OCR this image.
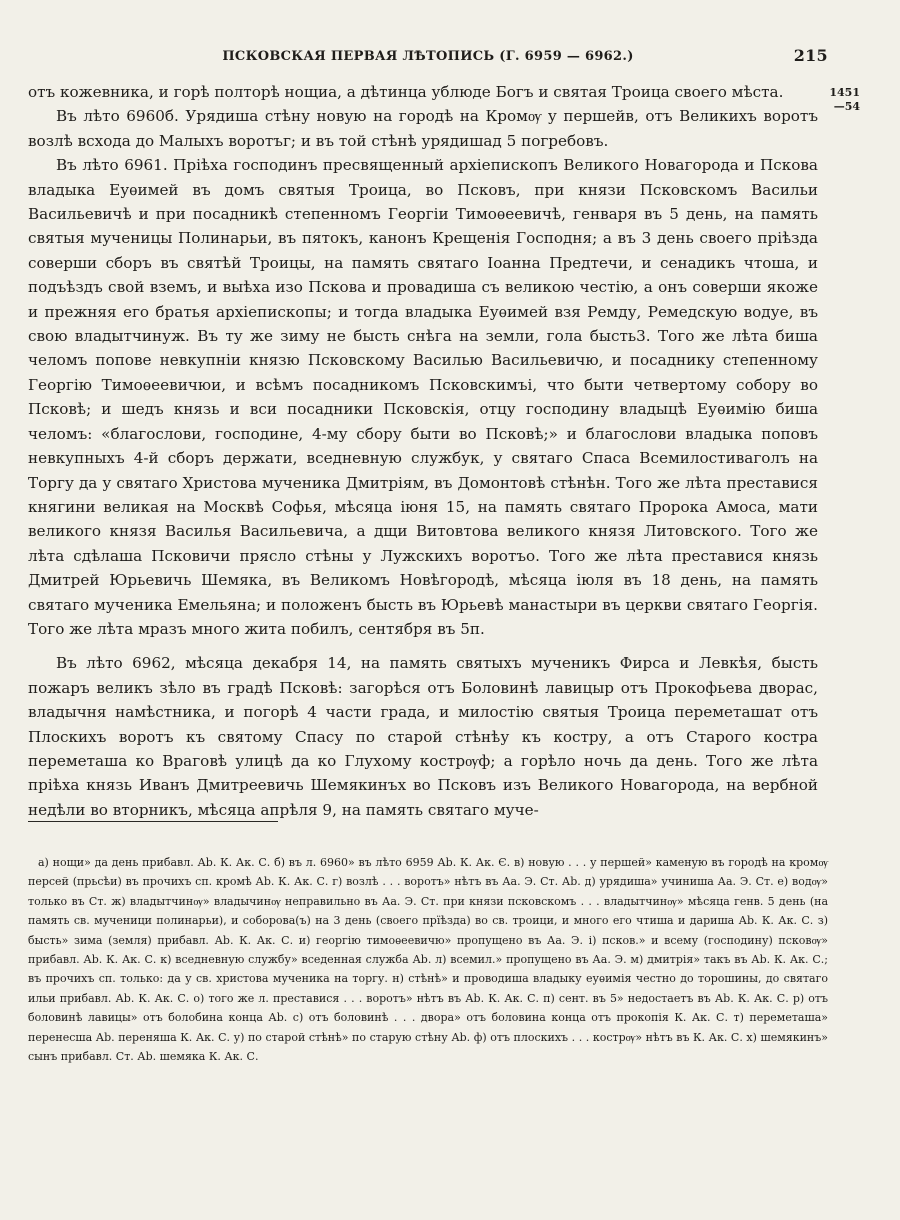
ПСКОВСКАЯ ПЕРВАЯ ЛѢТОПИСЬ (Г. 6959 — 6962.)	215
1451
—54

отъ кожевника, и горѣ полторѣ нощиа, а дѣтинца ублюде Богъ и святая Троица своего мѣста.

Въ лѣто 6960б. Урядиша стѣну новую на городѣ на Кромѹ у першейв, отъ Великихъ воротъ возлѣ всхода до Малыхъ воротъг; и въ той стѣнѣ урядишад 5 погребовъ.

Въ лѣто 6961. Пріѣха господинъ пресвященный архіепископъ Великого Новагорода и Пскова владыка Еуѳимей въ домъ святыя Троица, во Псковъ, при князи Псковскомъ Васильи Васильевичѣ и при посадникѣ степенномъ Георгіи Тимоѳеевичѣ, генваря въ 5 день, на память святыя мученицы Полинарьи, въ пятокъ, канонъ Крещенія Господня; а въ 3 день своего пріѣзда соверши сборъ въ святѣй Троицы, на память святаго Іоанна Предтечи, и сенадикъ чтоша, и подъѣздъ свой вземъ, и выѣха изо Пскова и провадиша съ великою честію, а онъ соверши якоже и прежняя его братья архіепископы; и тогда владыка Еуѳимей взя Ремду, Ремедскую водуе, въ свою владытчинуж. Въ ту же зиму не бысть снѣга на земли, гола бысть3. Того же лѣта биша челомъ попове невкупніи князю Псковскому Василью Васильевичю, и посаднику степенному Георгію Тимоѳеевичюи, и всѣмъ посадникомъ Псковскимъі, что быти четвертому собору во Псковѣ; и шедъ князь и вси посадники Псковскія, отцу господину владыцѣ Еуѳимію биша челомъ: «благослови, господине, 4-му сбору быти во Псковѣ;» и благослови владыка поповъ невкупныхъ 4-й сборъ держати, вседневную службук, у святаго Спаса Всемилостиваголъ на Торгу да у святаго Христова мученика Дмитріям, въ Домонтовѣ стѣнѣн. Того же лѣта преставися княгини великая на Москвѣ Софья, мѣсяца іюня 15, на память святаго Пророка Амоса, мати великого князя Василья Васильевича, а дщи Витовтова великого князя Литовского. Того же лѣта сдѣлаша Псковичи прясло стѣны у Лужскихъ воротъо. Того же лѣта преставися князь Дмитрей Юрьевичь Шемяка, въ Великомъ Новѣгородѣ, мѣсяца іюля въ 18 день, на память святаго мученика Емельяна; и положенъ бысть въ Юрьевѣ манастыри въ церкви святаго Георгія. Того же лѣта мразъ много жита побилъ, сентября въ 5п.

Въ лѣто 6962, мѣсяца декабря 14, на память святыхъ мученикъ Фирса и Левкѣя, бысть пожаръ великъ зѣло въ градѣ Псковѣ: загорѣся отъ Боловинѣ лавицыр отъ Прокофьева дворас, владычня намѣстника, и погорѣ 4 части града, и милостію святыя Троица переметашат отъ Плоскихъ воротъ къ святому Спасу по старой стѣнѣу къ костру, а отъ Старого костра переметаша ко Враговѣ улицѣ да ко Глухому кострѹф; а горѣло ночь да день. Того же лѣта пріѣха князь Иванъ Дмитреевичь Шемякинъх во Псковъ изъ Великого Новагорода, на вербной недѣли во вторникъ, мѣсяца апрѣля 9, на память святаго муче-

а) нощи» да день прибавл. Аb. К. Ак. С. б) въ л. 6960» въ лѣто 6959 Аb. К. Ак. Є. в) новую . . . у першей» каменую въ городѣ на кромѹ персей (прьсѣи) въ прочихъ сп. кромѣ Аb. К. Ак. С. г) возлѣ . . . воротъ» нѣтъ въ Аа. Э. Ст. Аb. д) урядиша» учиниша Аа. Э. Ст. е) водѹ» только въ Ст. ж) владытчинѹ» владычинѹ неправильно въ Аа. Э. Ст. при князи псковскомъ . . . владытчинѹ» мѣсяца генв. 5 день (на память св. мученици полинарьи), и соборова(ъ) на 3 день (своего прїѣзда) во св. троици, и много его чтиша и дариша Аb. К. Ак. С. з) бысть» зима (земля) прибавл. Аb. К. Ак. С. и) георгію тимоѳеевичю» пропущено въ Аа. Э. і) псков.» и всему (господину) псковѹ» прибавл. Аb. К. Ак. С. к) вседневную службу» вседенная служба Аb. л) всемил.» пропущено въ Аа. Э. м) дмитрія» такъ въ Аb. К. Ак. С.; въ прочихъ сп. только: да у св. христова мученика на торгу. н) стѣнѣ» и проводиша владыку еуѳимія честно до торошины, до святаго ильи прибавл. Аb. К. Ак. С. о) того же л. преставися . . . воротъ» нѣтъ въ Аb. К. Ак. С. п) сент. въ 5» недостаетъ въ Аb. К. Ак. С. р) отъ боловинѣ лавицы» отъ болобина конца Аb. с) отъ боловинѣ . . . двора» отъ боловина конца отъ прокопія К. Ак. С. т) переметаша» перенесша Аb. переняша К. Ак. С. у) по старой стѣнѣ» по старую стѣну Аb. ф) отъ плоскихъ . . . кострѹ» нѣтъ въ К. Ак. С. х) шемякинъ» сынъ прибавл. Ст. Аb. шемяка К. Ак. С.
